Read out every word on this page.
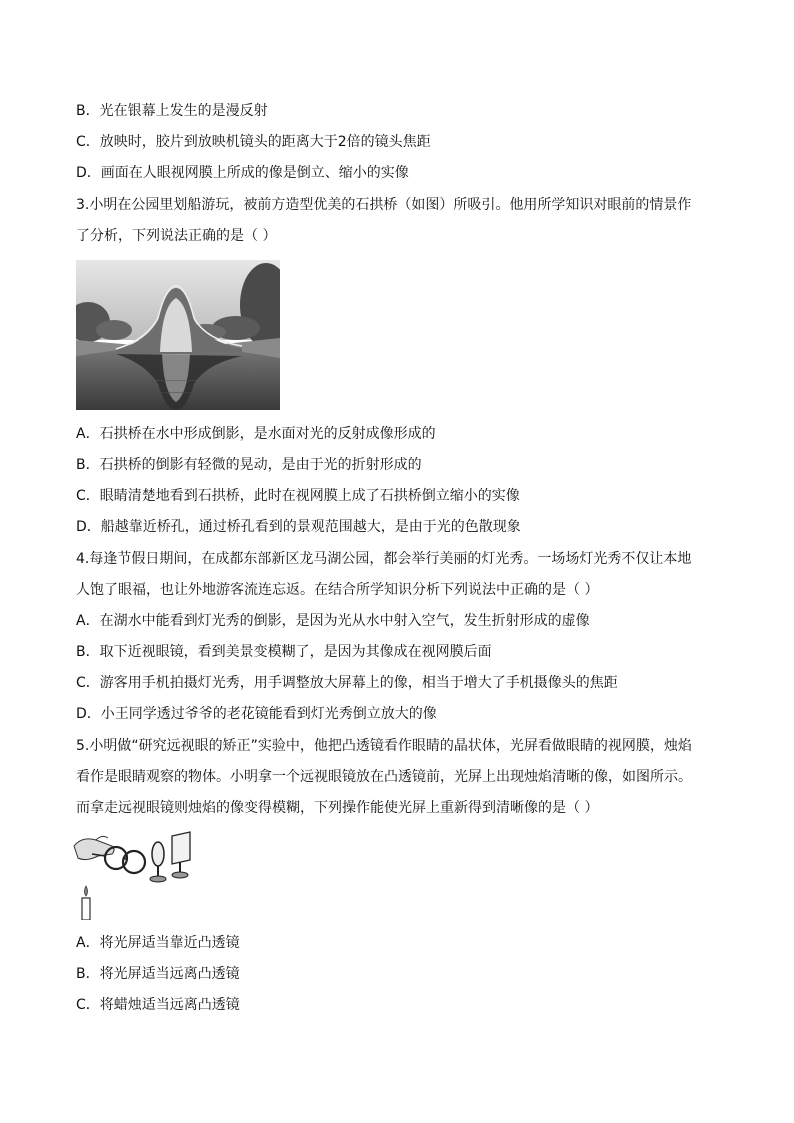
B．光在银幕上发生的是漫反射
C．放映时，胶片到放映机镜头的距离大于2倍的镜头焦距
D．画面在人眼视网膜上所成的像是倒立、缩小的实像
3.小明在公园里划船游玩，被前方造型优美的石拱桥（如图）所吸引。他用所学知识对眼前的情景作
了分析，下列说法正确的是（ ）
A．石拱桥在水中形成倒影，是水面对光的反射成像形成的
B．石拱桥的倒影有轻微的晃动，是由于光的折射形成的
C．眼睛清楚地看到石拱桥，此时在视网膜上成了石拱桥倒立缩小的实像
D．船越靠近桥孔，通过桥孔看到的景观范围越大，是由于光的色散现象
4.每逢节假日期间，在成都东部新区龙马湖公园，都会举行美丽的灯光秀。一场场灯光秀不仅让本地
人饱了眼福，也让外地游客流连忘返。在结合所学知识分析下列说法中正确的是（ ）
A．在湖水中能看到灯光秀的倒影，是因为光从水中射入空气，发生折射形成的虚像
B．取下近视眼镜，看到美景变模糊了，是因为其像成在视网膜后面
C．游客用手机拍摄灯光秀，用手调整放大屏幕上的像，相当于增大了手机摄像头的焦距
D．小王同学透过爷爷的老花镜能看到灯光秀倒立放大的像
5.小明做“研究远视眼的矫正”实验中，他把凸透镜看作眼睛的晶状体，光屏看做眼睛的视网膜，烛焰
看作是眼睛观察的物体。小明拿一个远视眼镜放在凸透镜前，光屏上出现烛焰清晰的像，如图所示。
而拿走远视眼镜则烛焰的像变得模糊，下列操作能使光屏上重新得到清晰像的是（ ）
A．将光屏适当靠近凸透镜
B．将光屏适当远离凸透镜
C．将蜡烛适当远离凸透镜
